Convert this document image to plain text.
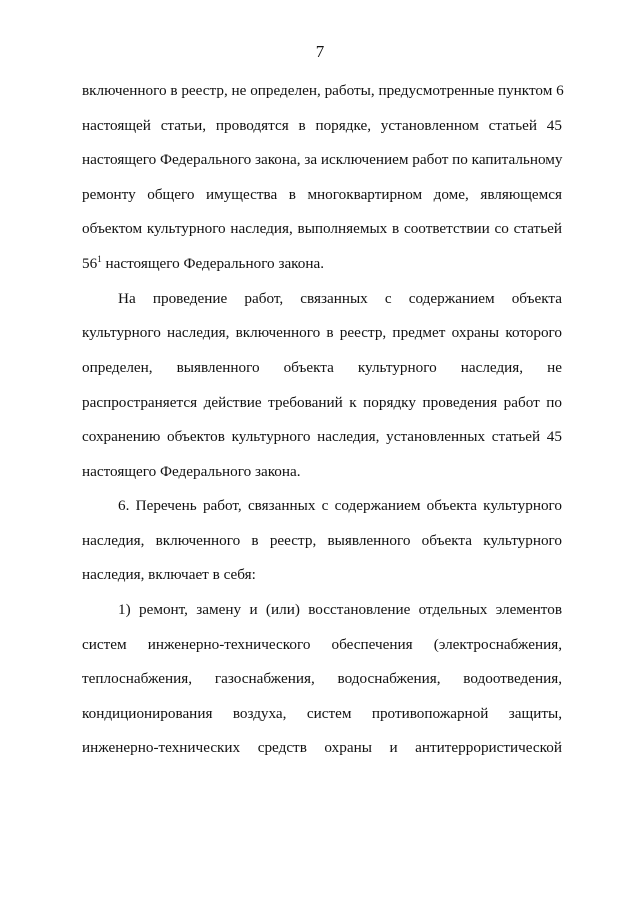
7
включенного в реестр, не определен, работы, предусмотренные пунктом 6
настоящей статьи, проводятся в порядке, установленном статьей 45
настоящего Федерального закона, за исключением работ по капитальному
ремонту общего имущества в многоквартирном доме, являющемся
объектом культурного наследия, выполняемых в соответствии со статьей
$56^1$ настоящего Федерального закона.
На проведение работ, связанных с содержанием объекта
культурного наследия, включенного в реестр, предмет охраны которого
определен, выявленного объекта культурного наследия, не
распространяется действие требований к порядку проведения работ по
сохранению объектов культурного наследия, установленных статьей 45
настоящего Федерального закона.
6. Перечень работ, связанных с содержанием объекта культурного
наследия, включенного в реестр, выявленного объекта культурного
наследия, включает в себя:
1) ремонт, замену и (или) восстановление отдельных элементов
систем инженерно-технического обеспечения (электроснабжения,
теплоснабжения, газоснабжения, водоснабжения, водоотведения,
кондиционирования воздуха, систем противопожарной защиты,
инженерно-технических средств охраны и антитеррористической
